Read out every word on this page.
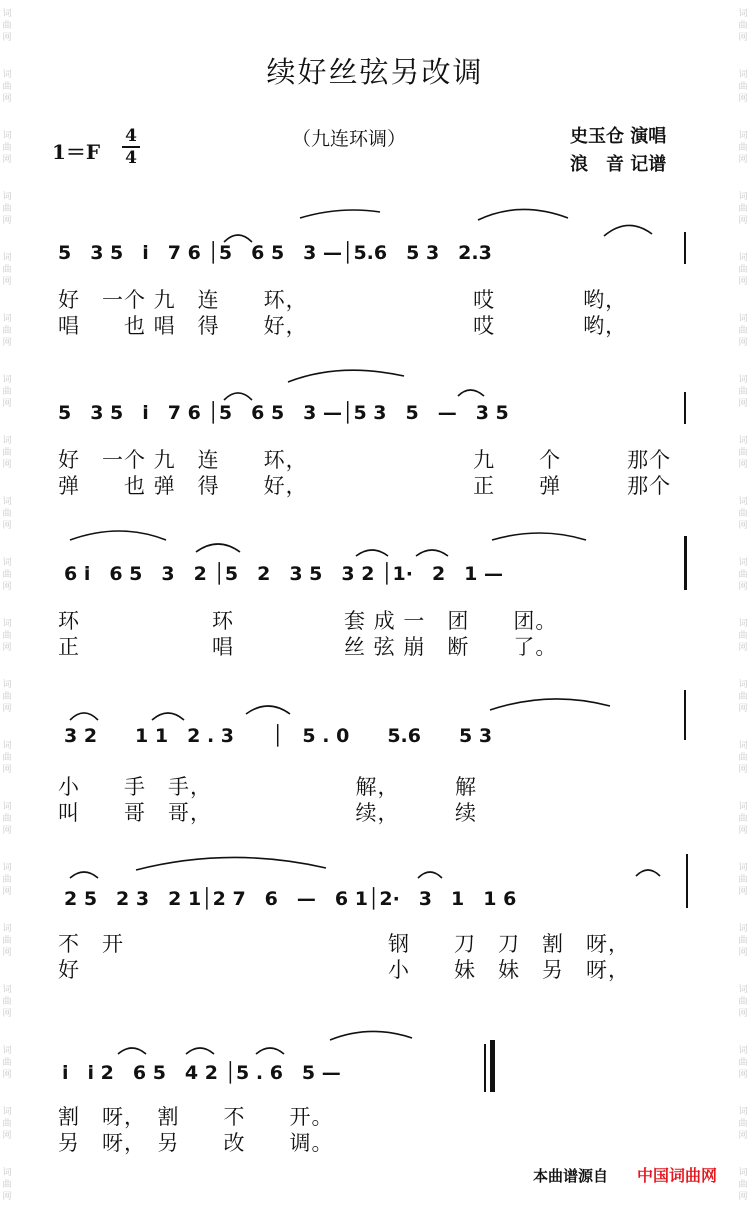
词
曲
网
词
曲
网
词
曲
网
词
曲
网
词
曲
网
词
曲
网
词
曲
网
词
曲
网
词
曲
网
词
曲
网
词
曲
网
词
曲
网
词
曲
网
词
曲
网
词
曲
网
词
曲
网
词
曲
网
词
曲
网
词
曲
网
词
曲
网
词
曲
网
词
曲
网
词
曲
网
词
曲
网
词
曲
网
词
曲
网
词
曲
网
词
曲
网
词
曲
网
词
曲
网
词
曲
网
词
曲
网
词
曲
网
词
曲
网
词
曲
网
词
曲
网
词
曲
网
词
曲
网
词
曲
网
词
曲
网
续好丝弦另改调
1＝F
4
4
（九连环调）	史玉仓 演唱
浪　音 记谱
5　3 5　i　7 6 │5　6 5　3 —│5.6　5 3　2.3
好　一个 九　连　　环，　　　　　　　　哎　　　　哟，
唱　　也 唱　得　　好，　　　　　　　　哎　　　　哟，
5　3 5　i　7 6 │5　6 5　3 —│5 3　5　—　3 5
好　一个 九　连　　环，　　　　　　　　九　　个　　　那个
弹　　也 弹　得　　好，　　　　　　　　正　　弹　　　那个
6 i　6 5　3　2 │5　2　3 5　3 2 │1·　2　1 —
环　　　　　　环　　　　　套 成 一　团　　团。
正　　　　　　唱　　　　　丝 弦 崩　断　　了。
3 2　　1 1　2 . 3　　│　5 . 0　　5.6　　5 3
小　　手　手，　　　　　　　解，　　　解
叫　　哥　哥，　　　　　　　续，　　　续
2 5　2 3　2 1│2 7　6　—　6 1│2·　3　1　1 6
不　开　　　　　　　　　　　　钢　　刀　刀　割　呀，
好　　　　　　　　　　　　　　小　　妹　妹　另　呀，
i　i 2　6 5　4 2 │5 . 6　5 —
割　呀，　割　　不　　开。
另　呀，　另　　改　　调。
本曲谱源自 中国词曲网
